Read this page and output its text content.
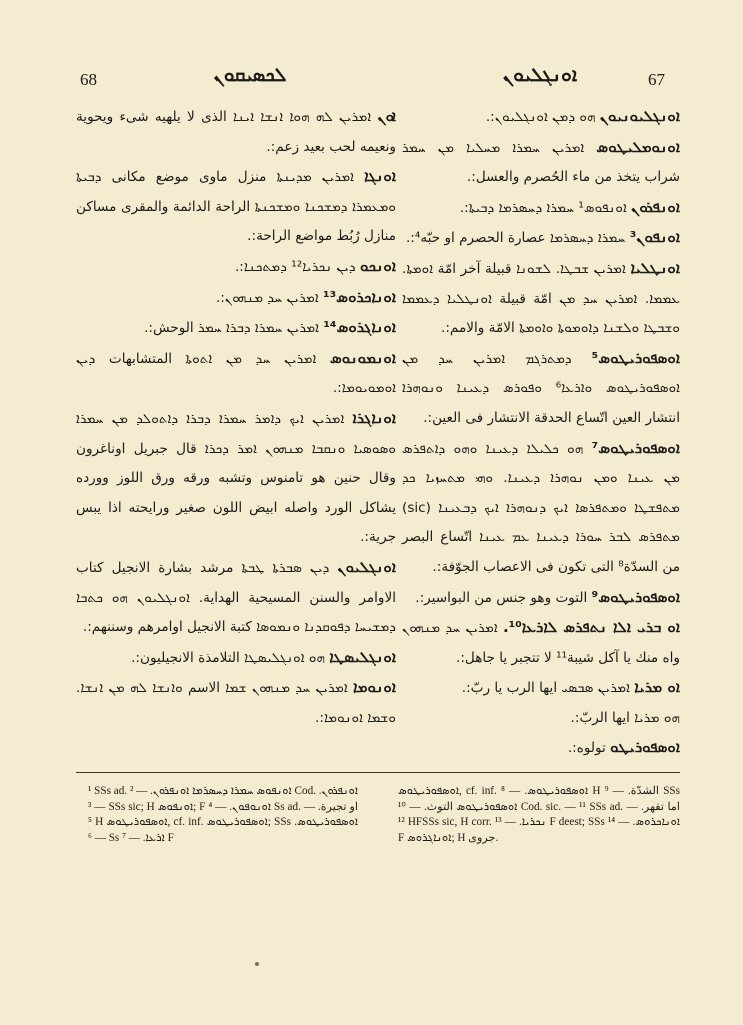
68	ܠܟܣܝܩܘܢ	ܐܘܢܓܠܝܘܢ	67

ܐܘܢ ܐܡܪܝܢ ܠܗ ܗܘܐ ܐܢܫܐ ܐܝܢܐ الذى لا يلهيه شىء ويحوية ونعيمه لحب بعيد زعم:.

ܐܘܢܓܐ ܐܡܪܝܢ ܡܕܝܢܬܐ منزل ماوى موضع مكانى ܕܒܝܬܐ ܘܡܥܡܪܐ ܕܡܫܟܢܐ ܘܡܫܟܢܬܐ الراحة الدائمة والمقرى مساكن منازل رُبُط مواضع الراحة:.

ܐܘܢܟܘ ܕܝܢ ܢܟܪܝܐ¹² ܕܡܬܟܢܐ:.

ܐܘܢܐܟܪܘܣ¹³ ܐܡܪܝܢ ܚܕ ܡܢܗܘܢ:.

ܐܘܢܐܓܪܘܣ¹⁴ ܐܡܪܝܢ ܚܡܪܐ ܕܒܪܐ ܚܡܪ الوحش:.

ܐܘܢܡܘܢܘܣ ܐܡܪܝܢ ܚܕ ܡܢ ܐܬܘܬܐ المتشابهات ܕܝܢ ܐܘܡܘܝܘܡܐ:.

ܐܘܢܐܓܪܐ ܐܡܪܝܢ ܐܝܟ ܕܐܡܪ ܚܡܪܐ ܕܒܪܐ ܕܐܬܘܠܕ ܡܢ ܚܡܪܐ ܘܣܘܣܝܐ ܘܢܩܒܐ ܡܢܗܘܢ ܐܡܪ ܕܟܪܐ قال جبريل اوناغرون وقال حنين هو تامنوس وتشبه ورقه ورق اللوز وورده يشاكل الورد واصله ابيض اللون صغير ورايحته اذا يبس جرية:.

ܐܘܢܓܠܝܘܢ ܕܝܢ ܣܒܪܬܐ ܛܒܬܐ مرشد بشارة الانجيل كتاب الاوامر والسنن المسيحية الهداية. ܐܘܢܓܠܝܘܢ ܗܘ ܟܬܒܐ ܕܡܫܝܚܐ ܕܦܘܩܕܢܐ ܘܢܡܘܣܐ كتبة الانجيل اوامرهم وسننهم:.

ܐܘܢܓܠܝܣܛܐ ܗܘ ܐܘܢܓܠܝܣܛܐ التلامذة الانجيليون:.

ܐܘܢܘܡܐ ܐܡܪܝܢ ܚܕ ܡܢܗܘܢ ܫܡܐ الاسم ܘܐܢܫܐ ܠܗ ܡܢ ܐܢܫܐ. ܘܫܡܐ ܐܘܢܘܡܐ:.

ܐܘܢܓܠܝܘܢܝܘܢ ܗܘ ܕܡܢ ܐܘܢܓܠܝܘܢ:.

ܐܘܢܘܡܠܝܛܘܣ ܐܡܪܝܢ ܚܡܪܐ ܡܚܠܝܐ ܡܢ ܚܡܪ شراب يتخذ من ماء الحُصرم والعسل:.

ܐܘܢܦܪܘܢ ܐܘܢܦܘܣ¹ ܚܡܪܐ ܕܚܣܪܡܐ ܕܒܝܬܐ:.

ܐܘܢܦܘܢ³ ܚܡܪܐ ܕܚܣܪܡܐ عصارة الحصرم او حبّه⁴:.

ܐܘܢܛܠܝܐ ܐܡܪܝܢ ܫܒܛܐ. ܠܫܘܢܐ قبيلة آخر امّة ܐܘܡܬܐ. ܥܡܡܐ. ܐܡܪܝܢ ܚܕ ܡܢ امّة قبيلة ܐܘܢܛܠܝܐ ܕܥܡܡܐ ܘܫܒܛܐ ܘܠܫܢܐ ܕܐܘܡܘܬܐ ܘܐܘܡܬܐ الامّة والامم:.

ܐܘܣܦܘܪܝܛܘܣ⁵ ܕܡܬܪܓܡ ܐܡܪܝܢ ܚܕ ܡܢ ܐܘܣܦܘܪܝܛܘܣ ܘܐܪܥܐ⁶ ܘܦܘܪܣ ܕܥܝܢܐ ܘܢܘܗܪܐ انتشار العين اتّساع الحدقة الانتشار فى العين:.

ܐܘܣܦܘܪܝܛܘܣ⁷ ܗܘ ܟܠܝܠܐ ܕܥܝܢܐ ܘܗܘ ܕܐܬܦܪܣ ܡܢ ܥܝܢܐ ܘܡܢ ܢܘܗܪܐ ܕܥܝܢܐ. ܘܗܝ ܡܬܚܙܝܐ ܟܕ ܡܬܦܫܛܐ ܘܡܬܦܪܣܐ ܐܝܟ ܕܢܘܗܪܐ ܐܝܟ ܕܒܥܝܢܐ (sic) ܡܬܦܪܣ ܠܒܪ ܚܘܪܐ ܕܥܝܢܐ ܥܡ ܥܝܢܐ اتّساع البصر من السدّة⁸ التى تكون فى الاعصاب الجوّفة:.

ܐܘܣܦܘܪܝܛܘܣ⁹ التوت وهو جنس من البواسير:.

ܐܘ ܒܪܝ ܐܠܐ ܢܬܦܪܣ ܠܐܪܥܐ¹⁰. ܐܡܪܝܢ ܚܕ ܡܢܗܘܢ واه منك يا آكل شيبة¹¹ لا تتجبر يا جاهل:.

ܐܘ ܡܪܝܐ ܐܡܪܝܢ ܣܒܣܝ ايها الرب يا ربّ:.

ܗܘ ܡܪܝܐ ايها الربّ:.

ܐܘܣܦܘܪܝܛܘ تولوه:.

¹ SSs ad. ܐܘܢܦܘܣ ܚܡܪܐ ܕܚܣܪܡܐ ܐܘܢܦܪܘܢ. — ² Cod. ܐܘܢܦܪܘܢ. — ³ SSs sic; H ܐܘܢܦܘܣ; F ܐܘܢܘܦܘܢ. — ⁴ Ss ad. او تجيرة. — ⁵ H ܐܘܣܦܘܪܝܛܘܣ, cf. inf. ܐܘܣܦܘܪܝܛܘܣ; SSs ܐܘܣܦܘܪܝܛܘܣ. — ⁶ Ss ܐܪܥܐ. — ⁷ F

ܐܘܣܦܘܪܝܛܘܣ, cf. inf. ܐܘܣܦܘܪܝܛܘܣ. — ⁸ H الشدّة. — ⁹ SSs ܐܘܣܦܘܪܝܛܘܣ التوث. — ¹⁰ Cod. sic. — ¹¹ SSs ad. اما تقهر. — ¹² HFSSs sic, H corr. ܢܟܪܝܐ. — ¹³ F deest; SSs ܐܘܢܐܟܪܘܣ. — ¹⁴ F ܐܘܢܐܓܪܘܣ; H جروى.
